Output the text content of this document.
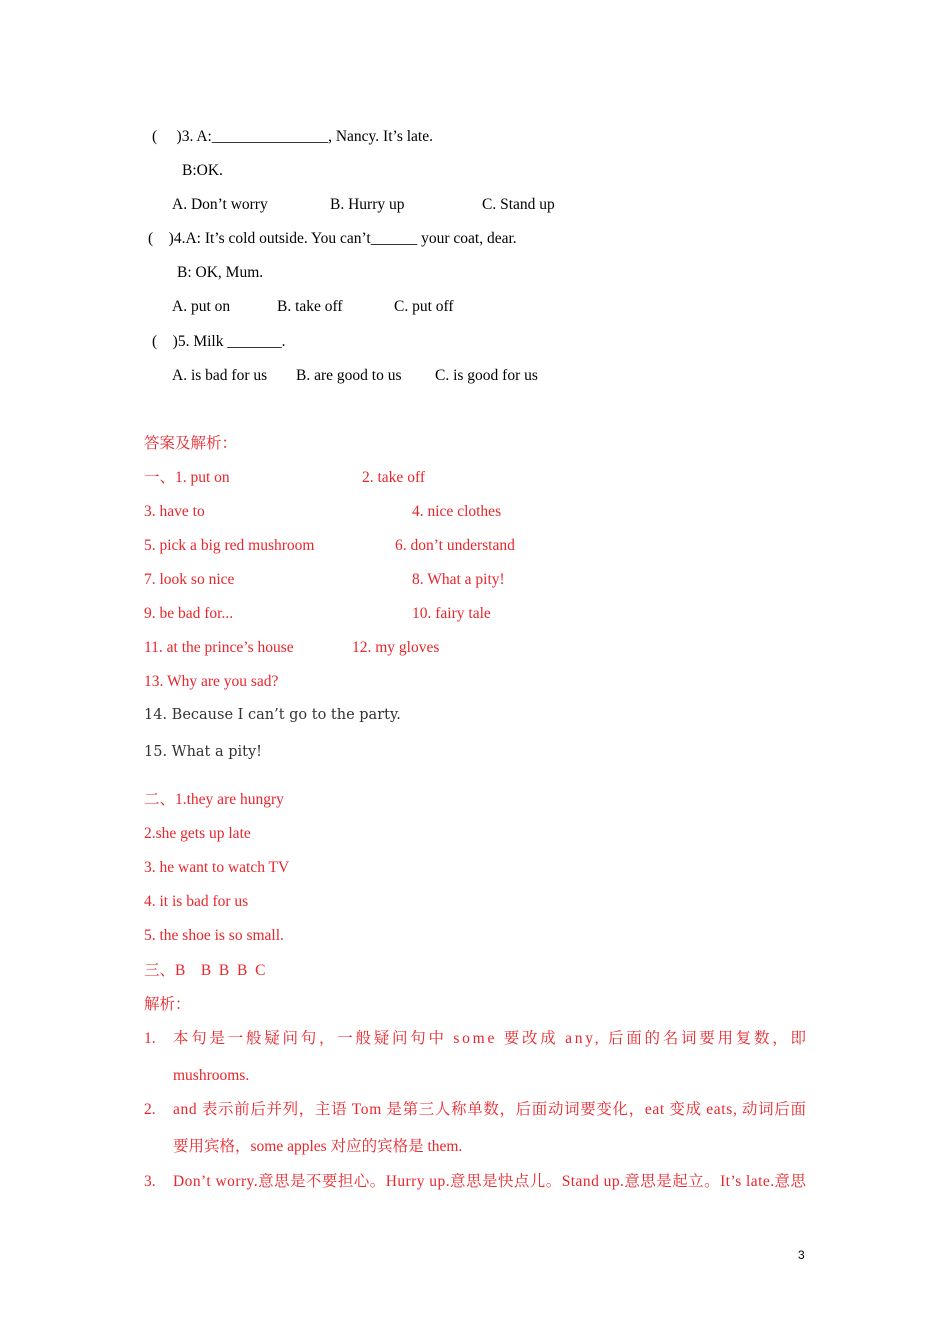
(     )3. A:_______________, Nancy. It’s late.
B:OK.
A. Don’t worry	B. Hurry up	C. Stand up
(    )4.A: It’s cold outside. You can’t______ your coat, dear.
B: OK, Mum.
A. put on	B. take off	C. put off
(    )5. Milk _______.
A. is bad for us B. are good to us C. is good for us
答案及解析：
一、1. put on	2. take off
3. have to	4. nice clothes
5. pick a big red mushroom	6. don’t understand
7. look so nice	8. What a pity!
9. be bad for...	10. fairy tale
11. at the prince’s house	12. my gloves
13. Why are you sad?
14. Because I can’t go to the party.
15. What a pity!
二、1.they are hungry
2.she gets up late
3. he want to watch TV
4. it is bad for us
5. the shoe is so small.
三、B    B  B  B  C
解析：
1. 本句是一般疑问句，一般疑问句中 some 要改成 any, 后面的名词要用复数，即
mushrooms.
2. and 表示前后并列，主语 Tom 是第三人称单数，后面动词要变化，eat 变成 eats, 动词后面
要用宾格，some apples 对应的宾格是 them.
3. Don’t worry.意思是不要担心。Hurry up.意思是快点儿。Stand up.意思是起立。It’s late.意思
3
